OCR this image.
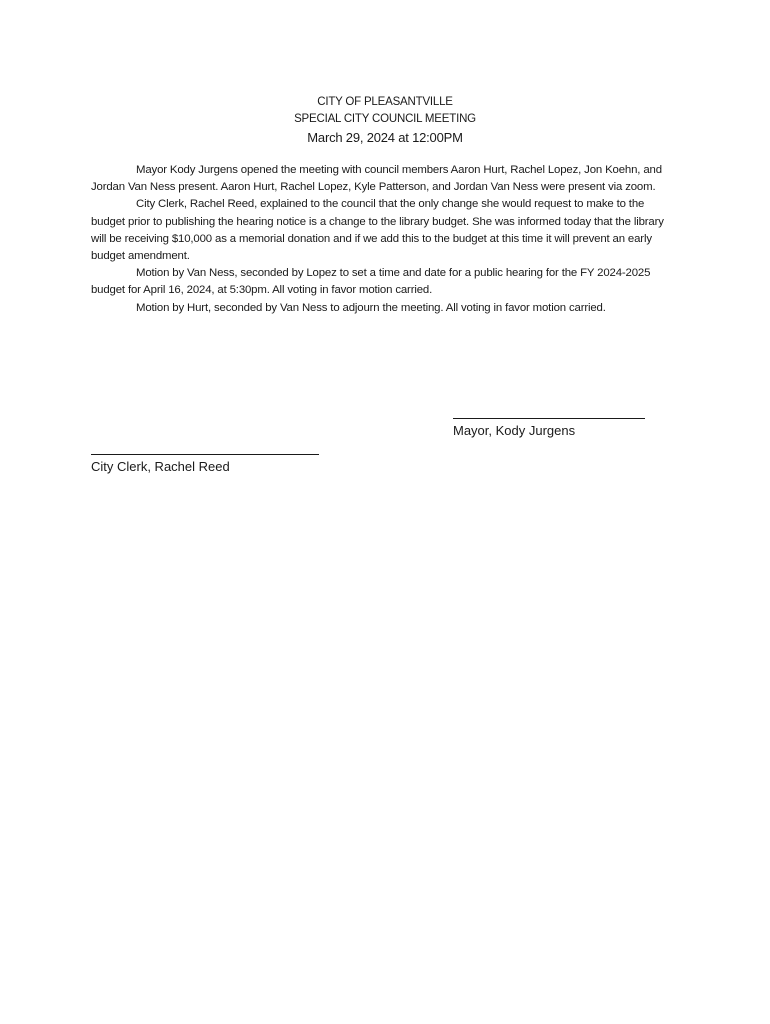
CITY OF PLEASANTVILLE
SPECIAL CITY COUNCIL MEETING
March 29, 2024 at 12:00PM

Mayor Kody Jurgens opened the meeting with council members Aaron Hurt, Rachel Lopez, Jon Koehn, and Jordan Van Ness present. Aaron Hurt, Rachel Lopez, Kyle Patterson, and Jordan Van Ness were present via zoom.

City Clerk, Rachel Reed, explained to the council that the only change she would request to make to the budget prior to publishing the hearing notice is a change to the library budget. She was informed today that the library will be receiving $10,000 as a memorial donation and if we add this to the budget at this time it will prevent an early budget amendment.

Motion by Van Ness, seconded by Lopez to set a time and date for a public hearing for the FY 2024-2025 budget for April 16, 2024, at 5:30pm. All voting in favor motion carried.

Motion by Hurt, seconded by Van Ness to adjourn the meeting. All voting in favor motion carried.

Mayor, Kody Jurgens
City Clerk, Rachel Reed
